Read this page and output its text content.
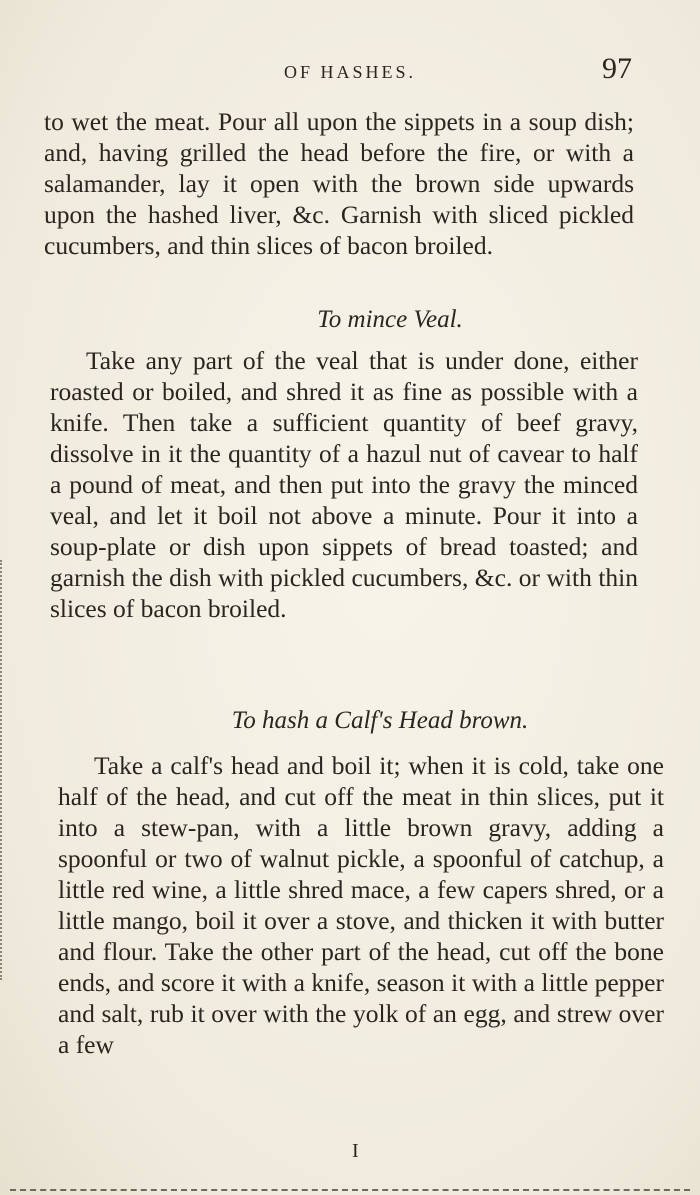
OF HASHES.	97

to wet the meat. Pour all upon the sippets in a soup dish; and, having grilled the head before the fire, or with a salamander, lay it open with the brown side upwards upon the hashed liver, &c. Garnish with sliced pickled cucumbers, and thin slices of bacon broiled.

To mince Veal.

Take any part of the veal that is under done, either roasted or boiled, and shred it as fine as possible with a knife. Then take a sufficient quantity of beef gravy, dissolve in it the quantity of a hazul nut of cavear to half a pound of meat, and then put into the gravy the minced veal, and let it boil not above a minute. Pour it into a soup-plate or dish upon sippets of bread toasted; and garnish the dish with pickled cucumbers, &c. or with thin slices of bacon broiled.

To hash a Calf's Head brown.

Take a calf's head and boil it; when it is cold, take one half of the head, and cut off the meat in thin slices, put it into a stew-pan, with a little brown gravy, adding a spoonful or two of walnut pickle, a spoonful of catchup, a little red wine, a little shred mace, a few capers shred, or a little mango, boil it over a stove, and thicken it with butter and flour. Take the other part of the head, cut off the bone ends, and score it with a knife, season it with a little pepper and salt, rub it over with the yolk of an egg, and strew over a few

I
